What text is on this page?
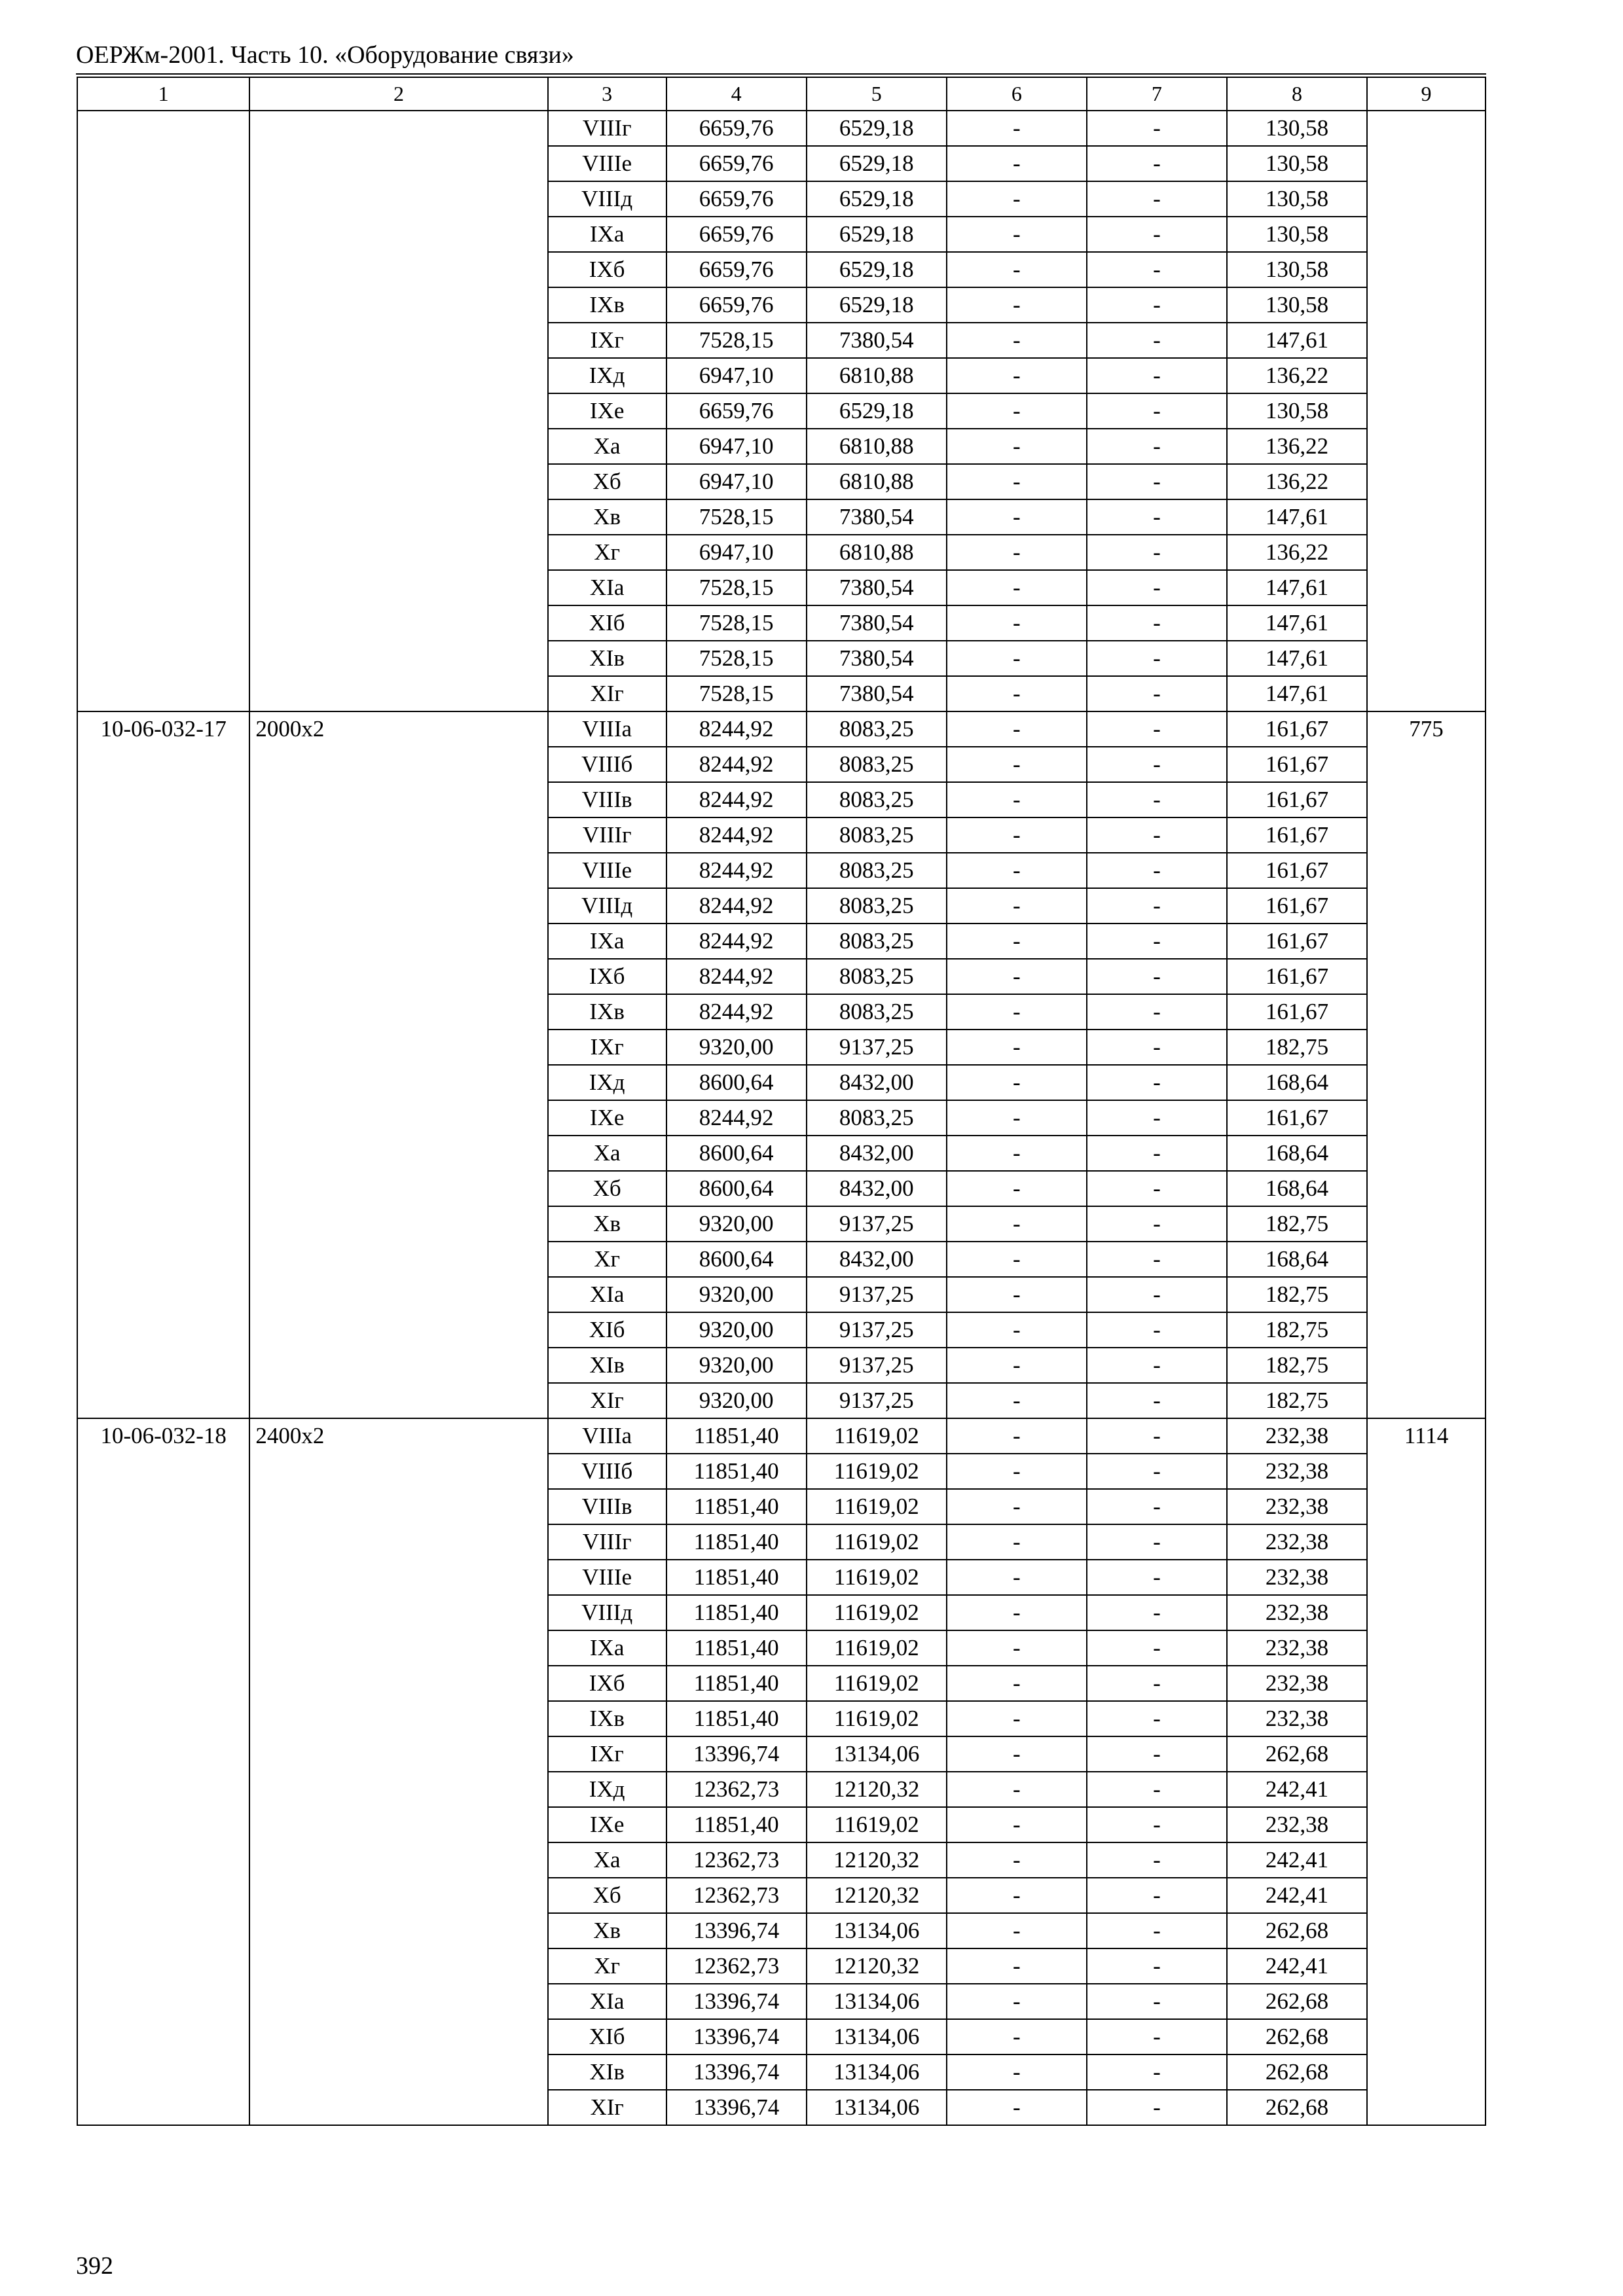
ОЕРЖм-2001. Часть 10. «Оборудование связи»
1	2	3	4	5	6	7	8	9
		VIIIг	6659,76	6529,18	-	-	130,58	
		VIIIе	6659,76	6529,18	-	-	130,58	
		VIIIд	6659,76	6529,18	-	-	130,58	
		IXа	6659,76	6529,18	-	-	130,58	
		IXб	6659,76	6529,18	-	-	130,58	
		IXв	6659,76	6529,18	-	-	130,58	
		IXг	7528,15	7380,54	-	-	147,61	
		IXд	6947,10	6810,88	-	-	136,22	
		IXе	6659,76	6529,18	-	-	130,58	
		Xа	6947,10	6810,88	-	-	136,22	
		Xб	6947,10	6810,88	-	-	136,22	
		Xв	7528,15	7380,54	-	-	147,61	
		Xг	6947,10	6810,88	-	-	136,22	
		XIа	7528,15	7380,54	-	-	147,61	
		XIб	7528,15	7380,54	-	-	147,61	
		XIв	7528,15	7380,54	-	-	147,61	
		XIг	7528,15	7380,54	-	-	147,61	
10-06-032-17	2000x2	VIIIа	8244,92	8083,25	-	-	161,67	775
		VIIIб	8244,92	8083,25	-	-	161,67	
		VIIIв	8244,92	8083,25	-	-	161,67	
		VIIIг	8244,92	8083,25	-	-	161,67	
		VIIIе	8244,92	8083,25	-	-	161,67	
		VIIIд	8244,92	8083,25	-	-	161,67	
		IXа	8244,92	8083,25	-	-	161,67	
		IXб	8244,92	8083,25	-	-	161,67	
		IXв	8244,92	8083,25	-	-	161,67	
		IXг	9320,00	9137,25	-	-	182,75	
		IXд	8600,64	8432,00	-	-	168,64	
		IXе	8244,92	8083,25	-	-	161,67	
		Xа	8600,64	8432,00	-	-	168,64	
		Xб	8600,64	8432,00	-	-	168,64	
		Xв	9320,00	9137,25	-	-	182,75	
		Xг	8600,64	8432,00	-	-	168,64	
		XIа	9320,00	9137,25	-	-	182,75	
		XIб	9320,00	9137,25	-	-	182,75	
		XIв	9320,00	9137,25	-	-	182,75	
		XIг	9320,00	9137,25	-	-	182,75	
10-06-032-18	2400x2	VIIIа	11851,40	11619,02	-	-	232,38	1114
		VIIIб	11851,40	11619,02	-	-	232,38	
		VIIIв	11851,40	11619,02	-	-	232,38	
		VIIIг	11851,40	11619,02	-	-	232,38	
		VIIIе	11851,40	11619,02	-	-	232,38	
		VIIIд	11851,40	11619,02	-	-	232,38	
		IXа	11851,40	11619,02	-	-	232,38	
		IXб	11851,40	11619,02	-	-	232,38	
		IXв	11851,40	11619,02	-	-	232,38	
		IXг	13396,74	13134,06	-	-	262,68	
		IXд	12362,73	12120,32	-	-	242,41	
		IXе	11851,40	11619,02	-	-	232,38	
		Xа	12362,73	12120,32	-	-	242,41	
		Xб	12362,73	12120,32	-	-	242,41	
		Xв	13396,74	13134,06	-	-	262,68	
		Xг	12362,73	12120,32	-	-	242,41	
		XIа	13396,74	13134,06	-	-	262,68	
		XIб	13396,74	13134,06	-	-	262,68	
		XIв	13396,74	13134,06	-	-	262,68	
		XIг	13396,74	13134,06	-	-	262,68	
392
